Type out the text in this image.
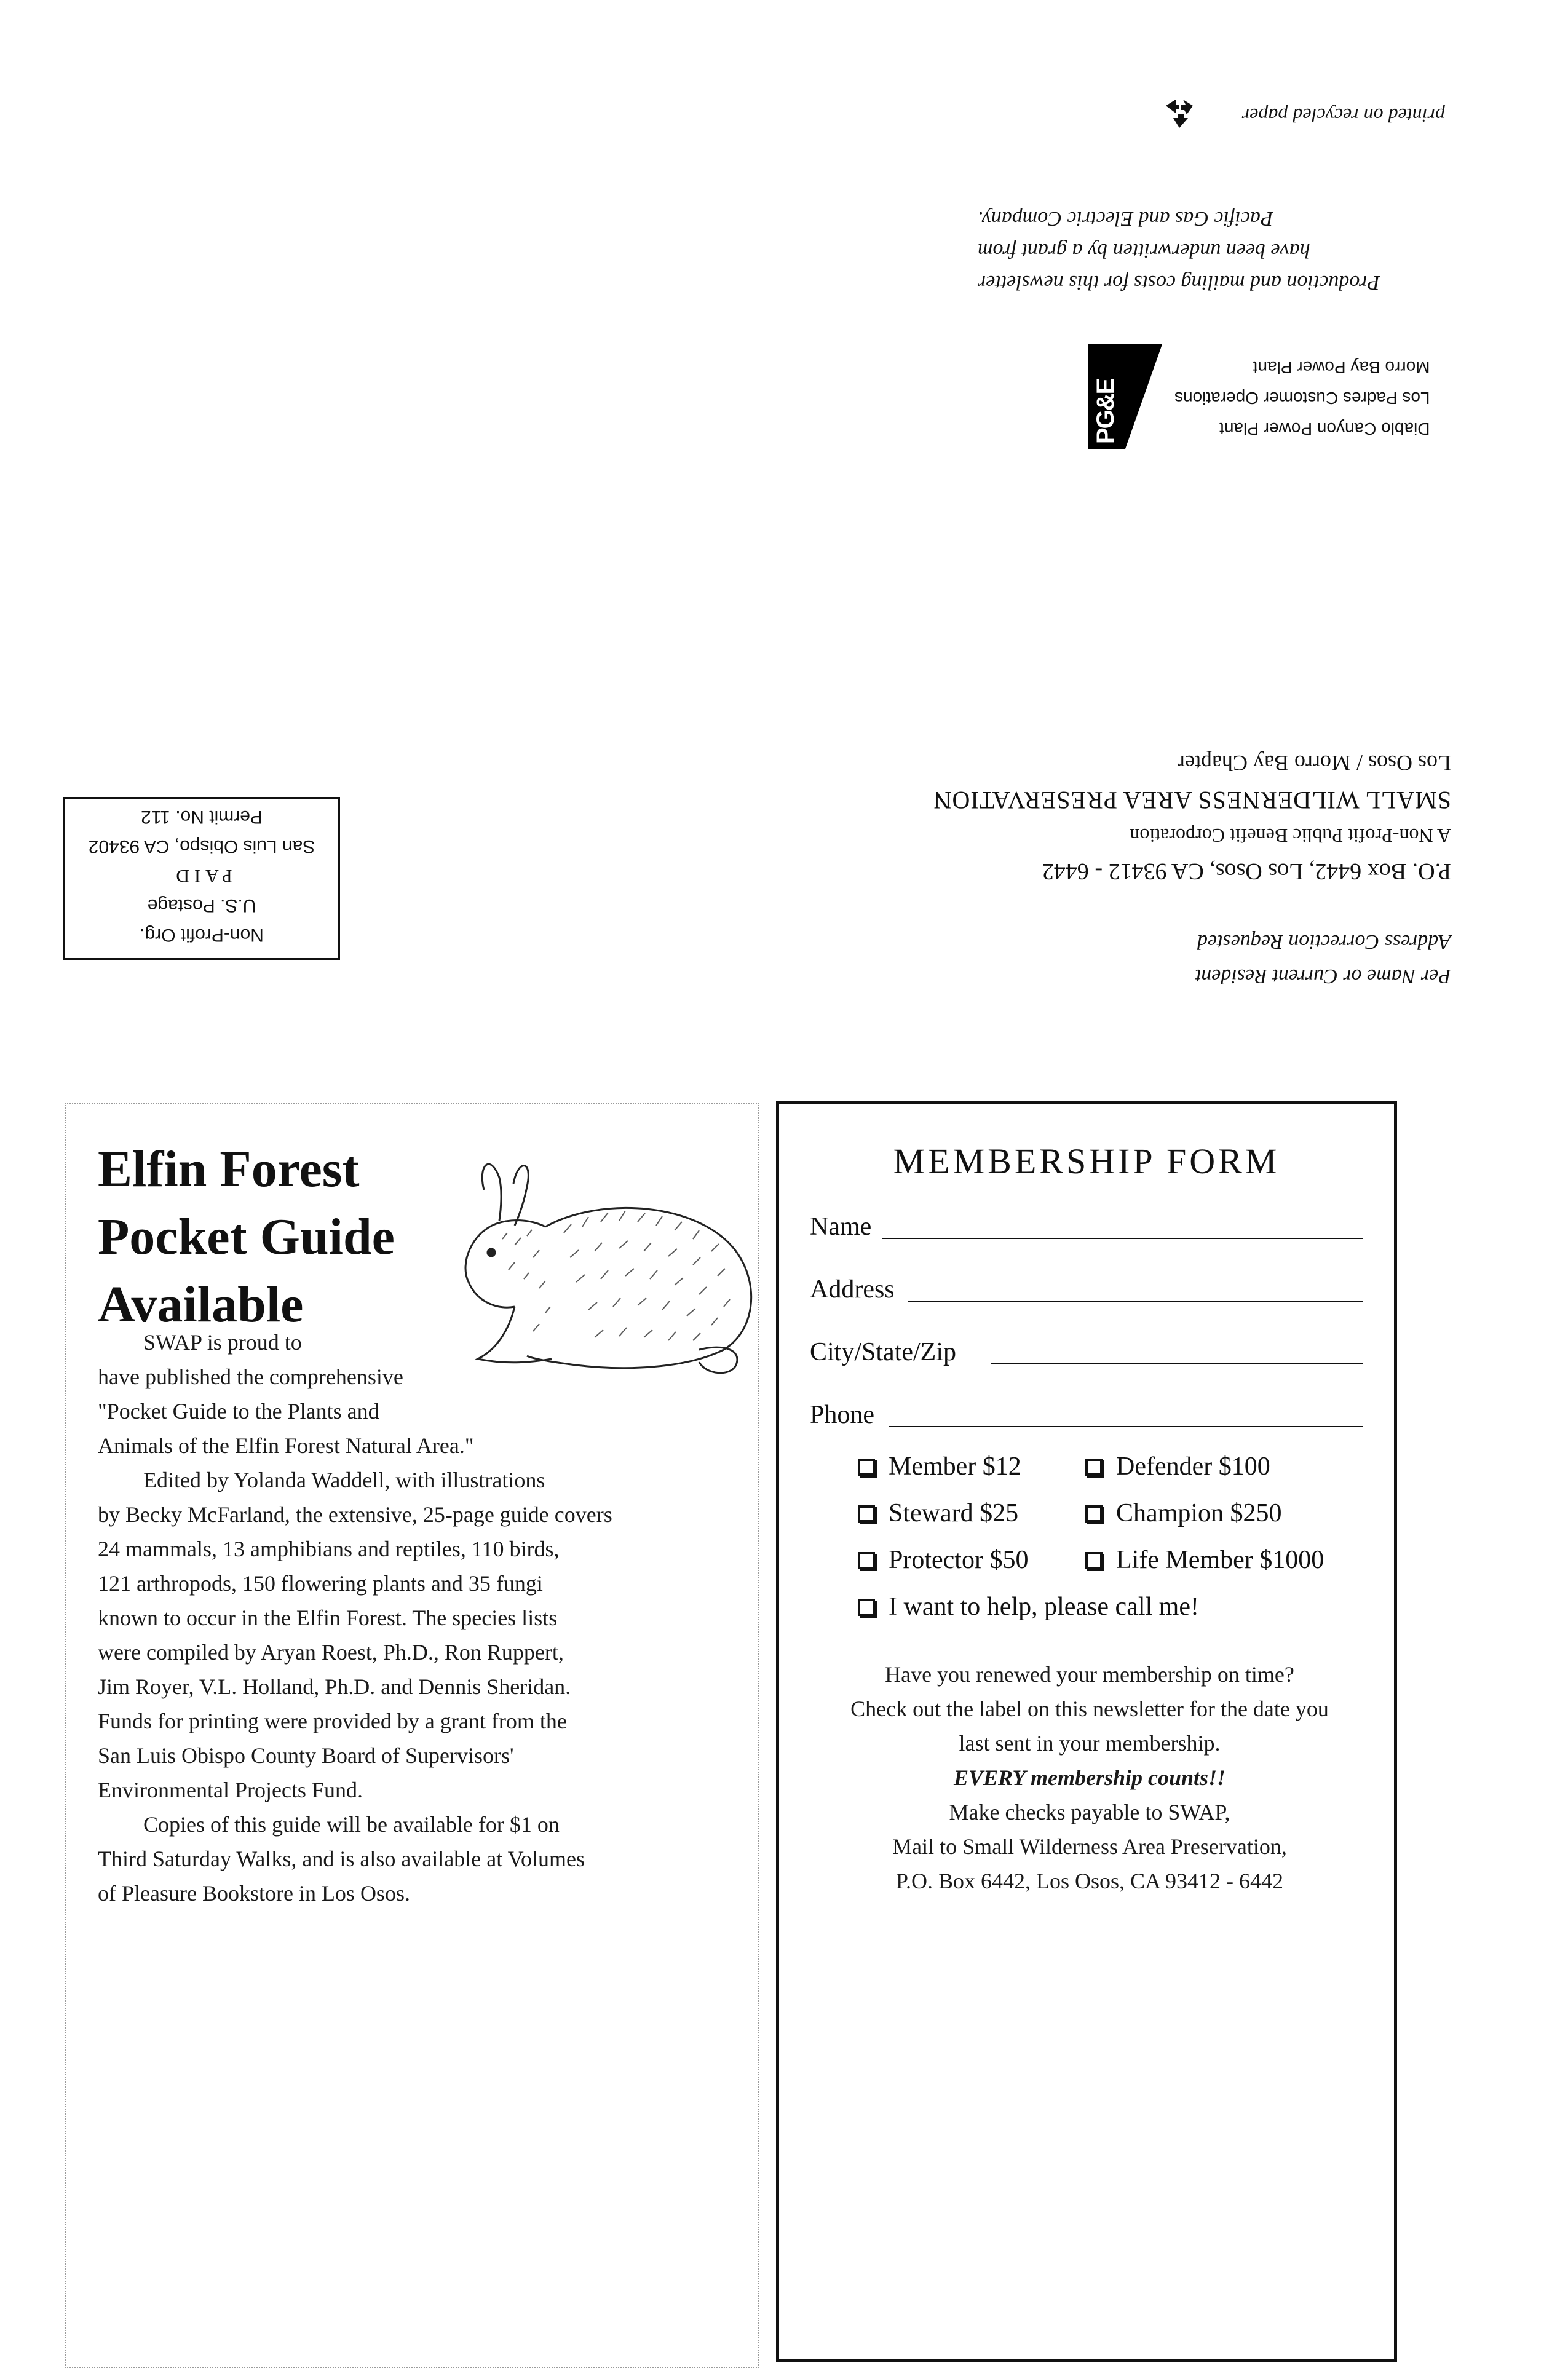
printed on recycled paper
Production and mailing costs for this newsletter
have been underwritten by a grant from
Pacific Gas and Electric Company.
PG&E	Diablo Canyon Power Plant
Los Padres Customer Operations
Morro Bay Power Plant
Per Name or Current Resident
Address Correction Requested
P.O. Box 6442, Los Osos, CA 93412 - 6442
A Non-Profit Public Benefit Corporation
SMALL WILDERNESS AREA PRESERVATION
Los Osos / Morro Bay Chapter
Non-Profit Org.
U.S. Postage
PAID
San Luis Obispo, CA 93402
Permit No. 112
Elfin Forest
Pocket Guide
Available

SWAP is proud to

have published the comprehensive

"Pocket Guide to the Plants and

Animals of the Elfin Forest Natural Area."

Edited by Yolanda Waddell, with illustrations

by Becky McFarland, the extensive, 25-page guide covers

24 mammals, 13 amphibians and reptiles, 110 birds,

121 arthropods, 150 flowering plants and 35 fungi

known to occur in the Elfin Forest. The species lists

were compiled by Aryan Roest, Ph.D., Ron Ruppert,

Jim Royer, V.L. Holland, Ph.D. and Dennis Sheridan.

Funds for printing were provided by a grant from the

San Luis Obispo County Board of Supervisors'

Environmental Projects Fund.

Copies of this guide will be available for $1 on

Third Saturday Walks, and is also available at Volumes

of Pleasure Bookstore in Los Osos.

MEMBERSHIP FORM
Name
Address
City/State/Zip
Phone
Member $12	Defender $100
Steward $25	Champion $250
Protector $50	Life Member $1000
I want to help, please call me!

Have you renewed your membership on time?

Check out the label on this newsletter for the date you

last sent in your membership.

EVERY membership counts!!

Make checks payable to SWAP,

Mail to Small Wilderness Area Preservation,

P.O. Box 6442, Los Osos, CA 93412 - 6442
